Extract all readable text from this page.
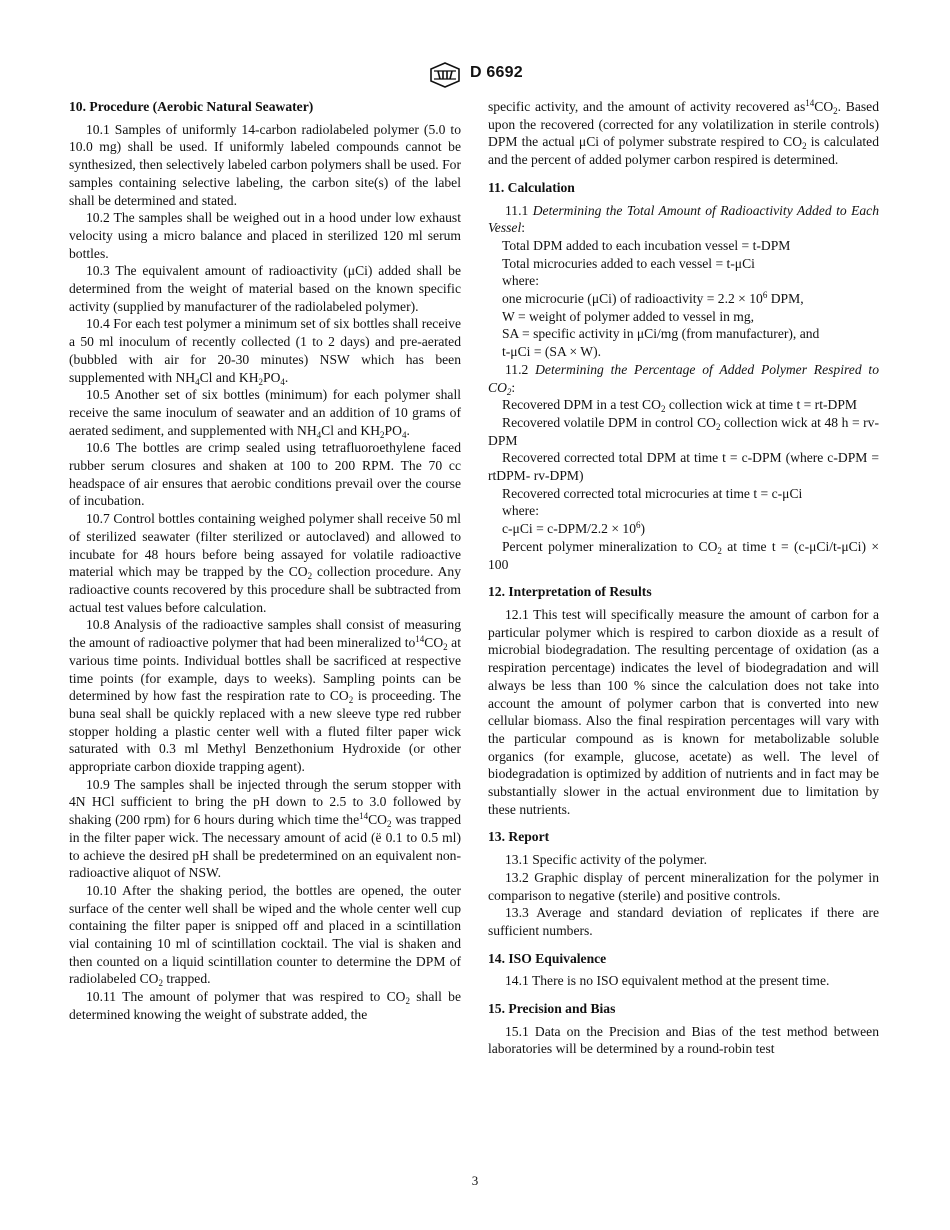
D 6692
10. Procedure (Aerobic Natural Seawater)

10.1 Samples of uniformly 14-carbon radiolabeled polymer (5.0 to 10.0 mg) shall be used. If uniformly labeled compounds cannot be synthesized, then selectively labeled carbon polymers shall be used. For samples containing selective labeling, the carbon site(s) of the label shall be determined and stated.

10.2 The samples shall be weighed out in a hood under low exhaust velocity using a micro balance and placed in sterilized 120 ml serum bottles.

10.3 The equivalent amount of radioactivity (μCi) added shall be determined from the weight of material based on the known specific activity (supplied by manufacturer of the radiolabeled polymer).

10.4 For each test polymer a minimum set of six bottles shall receive a 50 ml inoculum of recently collected (1 to 2 days) and pre-aerated (bubbled with air for 20-30 minutes) NSW which has been supplemented with $NH_4Cl$ and $KH_2PO_4$.

10.5 Another set of six bottles (minimum) for each polymer shall receive the same inoculum of seawater and an addition of 10 grams of aerated sediment, and supplemented with $NH_4Cl$ and $KH_2PO_4$.

10.6 The bottles are crimp sealed using tetrafluoroethylene faced rubber serum closures and shaken at 100 to 200 RPM. The 70 cc headspace of air ensures that aerobic conditions prevail over the course of incubation.

10.7 Control bottles containing weighed polymer shall receive 50 ml of sterilized seawater (filter sterilized or autoclaved) and allowed to incubate for 48 hours before being assayed for volatile radioactive material which may be trapped by the $CO_2$ collection procedure. Any radioactive counts recovered by this procedure shall be subtracted from actual test values before calculation.

10.8 Analysis of the radioactive samples shall consist of measuring the amount of radioactive polymer that had been mineralized $to^{14}CO_2$ at various time points. Individual bottles shall be sacrificed at respective time points (for example, days to weeks). Sampling points can be determined by how fast the respiration rate to $CO_2$ is proceeding. The buna seal shall be quickly replaced with a new sleeve type red rubber stopper holding a plastic center well with a fluted filter paper wick saturated with 0.3 ml Methyl Benzethonium Hydroxide (or other appropriate carbon dioxide trapping agent).

10.9 The samples shall be injected through the serum stopper with 4N HCl sufficient to bring the pH down to 2.5 to 3.0 followed by shaking (200 rpm) for 6 hours during which time $the^{14}CO_2$ was trapped in the filter paper wick. The necessary amount of acid (ë 0.1 to 0.5 ml) to achieve the desired pH shall be predetermined on an equivalent non-radioactive aliquot of NSW.

10.10 After the shaking period, the bottles are opened, the outer surface of the center well shall be wiped and the whole center well cup containing the filter paper is snipped off and placed in a scintillation vial containing 10 ml of scintillation cocktail. The vial is shaken and then counted on a liquid scintillation counter to determine the DPM of radiolabeled $CO_2$ trapped.

10.11 The amount of polymer that was respired to $CO_2$ shall be determined knowing the weight of substrate added, the

specific activity, and the amount of activity recovered $as^{14}CO_2$. Based upon the recovered (corrected for any volatilization in sterile controls) DPM the actual μCi of polymer substrate respired to $CO_2$ is calculated and the percent of added polymer carbon respired is determined.

11. Calculation

11.1 Determining the Total Amount of Radioactivity Added to Each Vessel:

Total DPM added to each incubation vessel = t-DPM

Total microcuries added to each vessel = t-μCi

where:

one microcurie (μCi) of radioactivity = $2.2 \times 10^6$ DPM,

W = weight of polymer added to vessel in mg,

SA = specific activity in μCi/mg (from manufacturer), and

t-μCi = (SA × W).

11.2 Determining the Percentage of Added Polymer Respired to $CO_2$:

Recovered DPM in a test $CO_2$ collection wick at time t = rt-DPM

Recovered volatile DPM in control $CO_2$ collection wick at 48 h = rv-DPM

Recovered corrected total DPM at time t = c-DPM (where c-DPM = rtDPM- rv-DPM)

Recovered corrected total microcuries at time t = c-μCi

where:

$c-\mu Ci = c-DPM/2.2 \times 10^6$)

Percent polymer mineralization to $CO_2$ at time t = (c-μCi/t-μCi) × 100

12. Interpretation of Results

12.1 This test will specifically measure the amount of carbon for a particular polymer which is respired to carbon dioxide as a result of microbial biodegradation. The resulting percentage of oxidation (as a respiration percentage) indicates the level of biodegradation and will always be less than 100 % since the calculation does not take into account the amount of polymer carbon that is converted into new cellular biomass. Also the final respiration percentages will vary with the particular compound as is known for metabolizable soluble organics (for example, glucose, acetate) as well. The level of biodegradation is optimized by addition of nutrients and in fact may be substantially slower in the actual environment due to limitation by these nutrients.

13. Report

13.1 Specific activity of the polymer.

13.2 Graphic display of percent mineralization for the polymer in comparison to negative (sterile) and positive controls.

13.3 Average and standard deviation of replicates if there are sufficient numbers.

14. ISO Equivalence

14.1 There is no ISO equivalent method at the present time.

15. Precision and Bias

15.1 Data on the Precision and Bias of the test method between laboratories will be determined by a round-robin test

3
